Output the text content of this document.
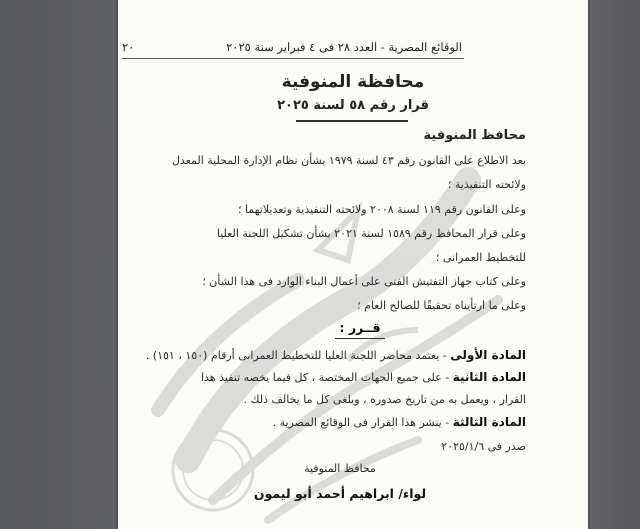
الوقائع المصرية - العدد ٢٨ فى ٤ فبراير سنة ٢٠٢٥
٢٠
محافظة المنوفية
قرار رقم ٥٨ لسنة ٢٠٢٥
محافظ المنوفية
بعد الاطلاع على القانون رقم ٤٣ لسنة ١٩٧٩ بشأن نظام الإدارة المحلية المعدل
ولائحته التنفيذية ؛
وعلى القانون رقم ١١٩ لسنة ٢٠٠٨ ولائحته التنفيذية وتعديلاتهما ؛
وعلى قرار المحافظ رقم ١٥٨٩ لسنة ٢٠٢١ بشأن تشكيل اللجنة العليا
للتخطيط العمرانى ؛
وعلى كتاب جهاز التفتيش الفنى على أعمال البناء الوارد فى هذا الشأن ؛
وعلى ما ارتأيناه تحقيقًا للصالح العام ؛
قــرر :
المادة الأولى - يعتمد محاضر اللجنة العليا للتخطيط العمرانى أرقام (١٥٠ ، ١٥١) .
المادة الثانية - على جميع الجهات المختصة ، كل فيما يخصه تنفيذ هذا
القرار ، ويعمل به من تاريخ صدوره ، ويلغى كل ما يخالف ذلك .
المادة الثالثة - ينشر هذا القرار فى الوقائع المصرية .
صدر فى ٢٠٢٥/١/٦
محافظ المنوفية
لواء/ ابراهيم أحمد أبو ليمون
